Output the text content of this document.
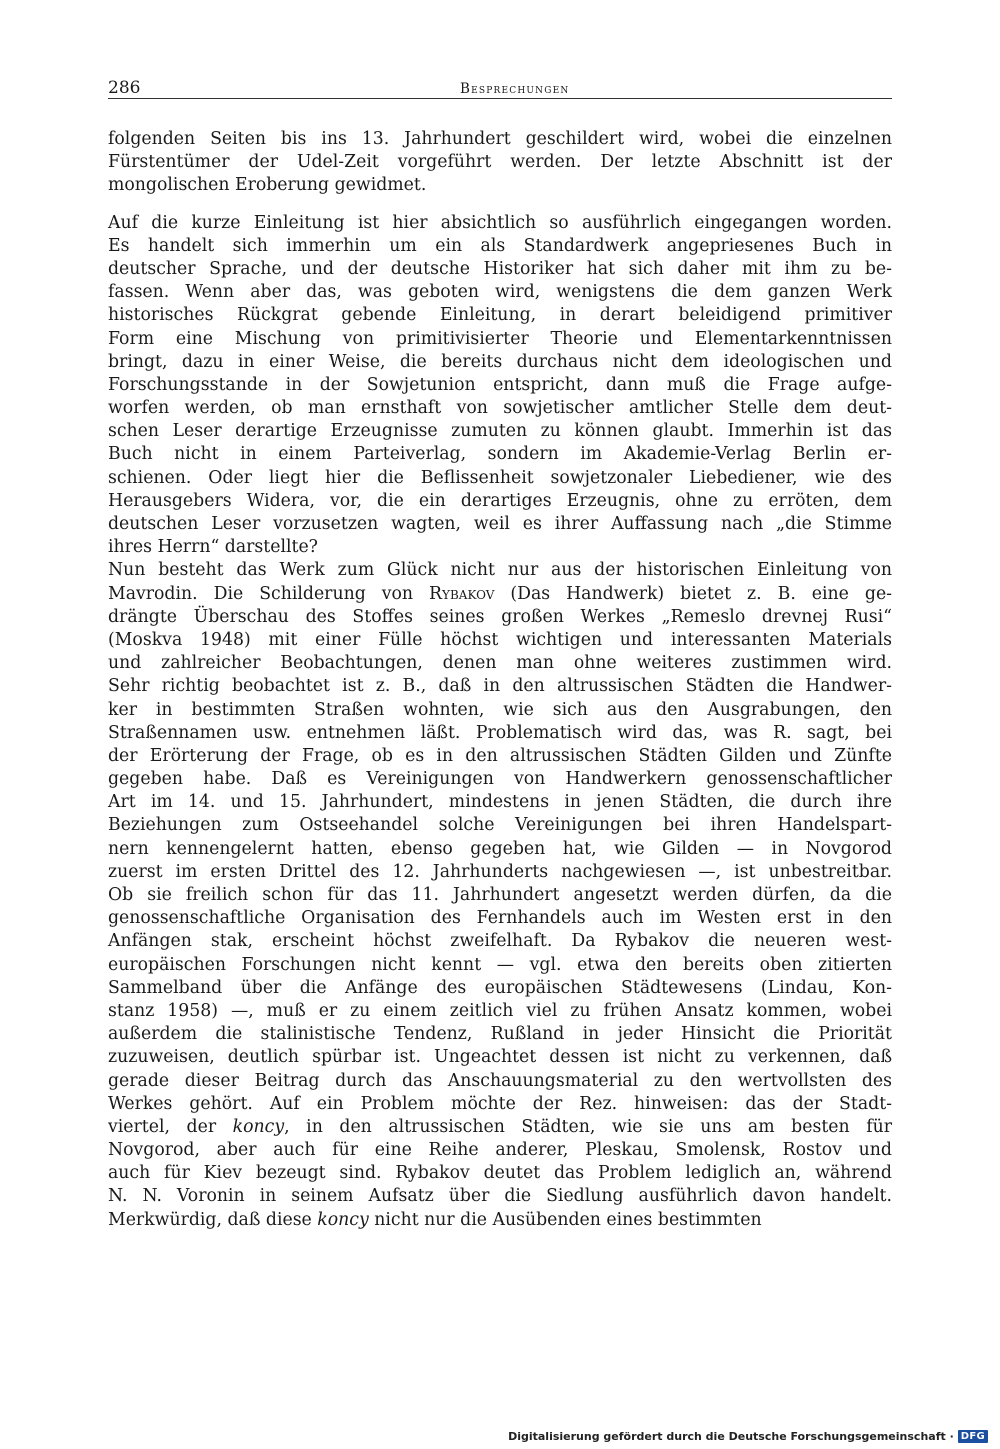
286	Besprechungen

folgenden Seiten bis ins 13. Jahrhundert geschildert wird, wobei die einzelnen
Fürstentümer der Udel-Zeit vorgeführt werden. Der letzte Abschnitt ist der
mongolischen Eroberung gewidmet.

Auf die kurze Einleitung ist hier absichtlich so ausführlich eingegangen worden.
Es handelt sich immerhin um ein als Standardwerk angepriesenes Buch in
deutscher Sprache, und der deutsche Historiker hat sich daher mit ihm zu be-
fassen. Wenn aber das, was geboten wird, wenigstens die dem ganzen Werk
historisches Rückgrat gebende Einleitung, in derart beleidigend primitiver
Form eine Mischung von primitivisierter Theorie und Elementarkenntnissen
bringt, dazu in einer Weise, die bereits durchaus nicht dem ideologischen und
Forschungsstande in der Sowjetunion entspricht, dann muß die Frage aufge-
worfen werden, ob man ernsthaft von sowjetischer amtlicher Stelle dem deut-
schen Leser derartige Erzeugnisse zumuten zu können glaubt. Immerhin ist das
Buch nicht in einem Parteiverlag, sondern im Akademie-Verlag Berlin er-
schienen. Oder liegt hier die Beflissenheit sowjetzonaler Liebediener, wie des
Herausgebers Widera, vor, die ein derartiges Erzeugnis, ohne zu erröten, dem
deutschen Leser vorzusetzen wagten, weil es ihrer Auffassung nach „die Stimme
ihres Herrn“ darstellte?

Nun besteht das Werk zum Glück nicht nur aus der historischen Einleitung von
Mavrodin. Die Schilderung von Rybakov (Das Handwerk) bietet z. B. eine ge-
drängte Überschau des Stoffes seines großen Werkes „Remeslo drevnej Rusi“
(Moskva 1948) mit einer Fülle höchst wichtigen und interessanten Materials
und zahlreicher Beobachtungen, denen man ohne weiteres zustimmen wird.
Sehr richtig beobachtet ist z. B., daß in den altrussischen Städten die Handwer-
ker in bestimmten Straßen wohnten, wie sich aus den Ausgrabungen, den
Straßennamen usw. entnehmen läßt. Problematisch wird das, was R. sagt, bei
der Erörterung der Frage, ob es in den altrussischen Städten Gilden und Zünfte
gegeben habe. Daß es Vereinigungen von Handwerkern genossenschaftlicher
Art im 14. und 15. Jahrhundert, mindestens in jenen Städten, die durch ihre
Beziehungen zum Ostseehandel solche Vereinigungen bei ihren Handelspart-
nern kennengelernt hatten, ebenso gegeben hat, wie Gilden — in Novgorod
zuerst im ersten Drittel des 12. Jahrhunderts nachgewiesen —, ist unbestreitbar.
Ob sie freilich schon für das 11. Jahrhundert angesetzt werden dürfen, da die
genossenschaftliche Organisation des Fernhandels auch im Westen erst in den
Anfängen stak, erscheint höchst zweifelhaft. Da Rybakov die neueren west-
europäischen Forschungen nicht kennt — vgl. etwa den bereits oben zitierten
Sammelband über die Anfänge des europäischen Städtewesens (Lindau, Kon-
stanz 1958) —, muß er zu einem zeitlich viel zu frühen Ansatz kommen, wobei
außerdem die stalinistische Tendenz, Rußland in jeder Hinsicht die Priorität
zuzuweisen, deutlich spürbar ist. Ungeachtet dessen ist nicht zu verkennen, daß
gerade dieser Beitrag durch das Anschauungsmaterial zu den wertvollsten des
Werkes gehört. Auf ein Problem möchte der Rez. hinweisen: das der Stadt-
viertel, der koncy, in den altrussischen Städten, wie sie uns am besten für
Novgorod, aber auch für eine Reihe anderer, Pleskau, Smolensk, Rostov und
auch für Kiev bezeugt sind. Rybakov deutet das Problem lediglich an, während
N. N. Voronin in seinem Aufsatz über die Siedlung ausführlich davon handelt.
Merkwürdig, daß diese koncy nicht nur die Ausübenden eines bestimmten

Digitalisierung gefördert durch die Deutsche Forschungsgemeinschaft · DFG
